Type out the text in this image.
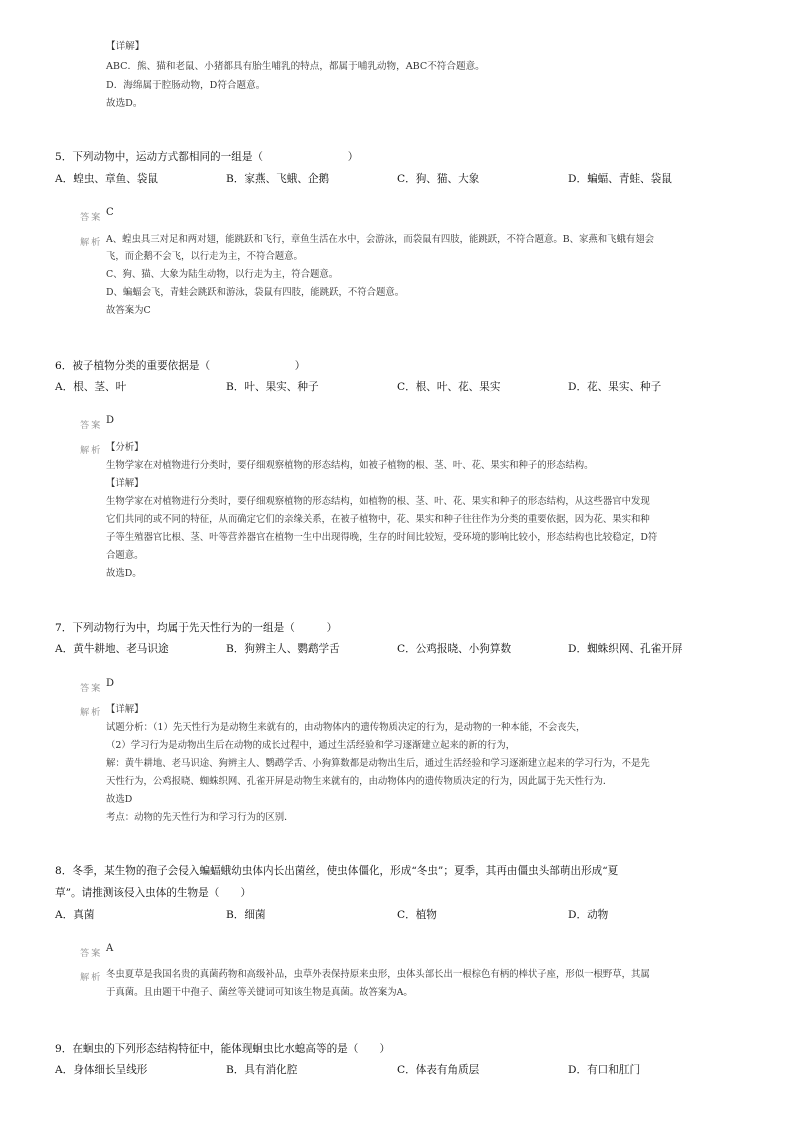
【详解】
ABC．熊、猫和老鼠、小猪都具有胎生哺乳的特点，都属于哺乳动物，ABC不符合题意。
D．海绵属于腔肠动物，D符合题意。
故选D。
5．下列动物中，运动方式都相同的一组是（　　　　　　　　）
A．蝗虫、章鱼、袋鼠	B．家燕、飞蛾、企鹅	C．狗、猫、大象	D．蝙蝠、青蛙、袋鼠
答案 C
解析 A、蝗虫具三对足和两对翅，能跳跃和飞行，章鱼生活在水中，会游泳，而袋鼠有四肢，能跳跃，不符合题意。B、家燕和飞蛾有翅会
飞，而企鹅不会飞，以行走为主，不符合题意。
C、狗、猫、大象为陆生动物，以行走为主，符合题意。
D、蝙蝠会飞，青蛙会跳跃和游泳，袋鼠有四肢，能跳跃，不符合题意。
故答案为C
6．被子植物分类的重要依据是（　　　　　　　　）
A．根、茎、叶	B．叶、果实、种子	C．根、叶、花、果实	D．花、果实、种子
答案 D
解析 【分析】
生物学家在对植物进行分类时，要仔细观察植物的形态结构，如被子植物的根、茎、叶、花、果实和种子的形态结构。
【详解】
生物学家在对植物进行分类时，要仔细观察植物的形态结构，如植物的根、茎、叶、花、果实和种子的形态结构，从这些器官中发现
它们共同的或不同的特征，从而确定它们的亲缘关系，在被子植物中，花、果实和种子往往作为分类的重要依据，因为花、果实和种
子等生殖器官比根、茎、叶等营养器官在植物一生中出现得晚，生存的时间比较短，受环境的影响比较小，形态结构也比较稳定，D符
合题意。
故选D。
7．下列动物行为中，均属于先天性行为的一组是（　　　）
A．黄牛耕地、老马识途	B．狗辨主人、鹦鹉学舌	C．公鸡报晓、小狗算数	D．蜘蛛织网、孔雀开屏
答案 D
解析 【详解】
试题分析：（1）先天性行为是动物生来就有的，由动物体内的遗传物质决定的行为，是动物的一种本能，不会丧失，
（2）学习行为是动物出生后在动物的成长过程中，通过生活经验和学习逐渐建立起来的新的行为，
解：黄牛耕地、老马识途、狗辨主人、鹦鹉学舌、小狗算数都是动物出生后，通过生活经验和学习逐渐建立起来的学习行为，不是先
天性行为，公鸡报晓、蜘蛛织网、孔雀开屏是动物生来就有的，由动物体内的遗传物质决定的行为，因此属于先天性行为．
故选D
考点：动物的先天性行为和学习行为的区别．
8．冬季，某生物的孢子会侵入蝙蝠蛾幼虫体内长出菌丝，使虫体僵化，形成“冬虫”；夏季，其再由僵虫头部萌出形成“夏
草”。请推测该侵入虫体的生物是（　　）
A．真菌	B．细菌	C．植物	D．动物
答案 A
解析 冬虫夏草是我国名贵的真菌药物和高级补品，虫草外表保持原来虫形，虫体头部长出一根棕色有柄的棒状子座，形似一根野草，其属
于真菌。且由题干中孢子、菌丝等关键词可知该生物是真菌。故答案为A。
9．在蛔虫的下列形态结构特征中，能体现蛔虫比水螅高等的是（　　）
A．身体细长呈线形	B．具有消化腔	C．体表有角质层	D．有口和肛门
